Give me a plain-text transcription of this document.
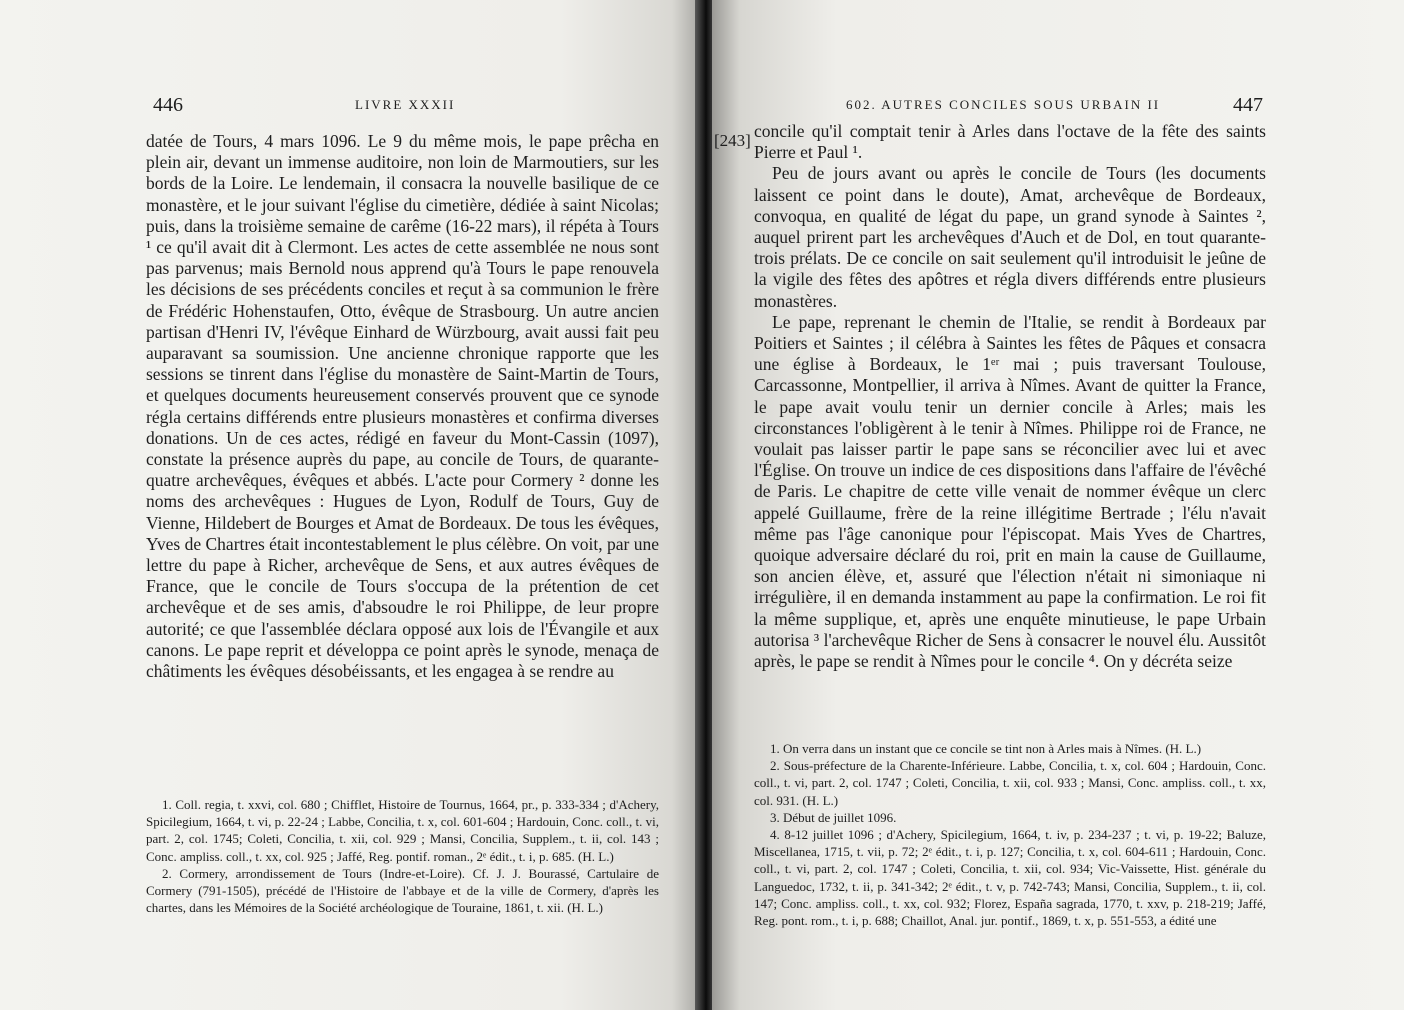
446	LIVRE XXXII

datée de Tours, 4 mars 1096. Le 9 du même mois, le pape prêcha en plein air, devant un immense auditoire, non loin de Marmoutiers, sur les bords de la Loire. Le lendemain, il consacra la nouvelle basilique de ce monastère, et le jour suivant l'église du cimetière, dédiée à saint Nicolas; puis, dans la troisième semaine de carême (16-22 mars), il répéta à Tours ¹ ce qu'il avait dit à Clermont. Les actes de cette assemblée ne nous sont pas parvenus; mais Bernold nous apprend qu'à Tours le pape renouvela les décisions de ses précédents conciles et reçut à sa communion le frère de Frédéric Hohenstaufen, Otto, évêque de Strasbourg. Un autre ancien partisan d'Henri IV, l'évêque Einhard de Würzbourg, avait aussi fait peu auparavant sa soumission. Une ancienne chronique rapporte que les sessions se tinrent dans l'église du monastère de Saint-Martin de Tours, et quelques documents heureusement conservés prouvent que ce synode régla certains différends entre plusieurs monastères et confirma diverses donations. Un de ces actes, rédigé en faveur du Mont-Cassin (1097), constate la présence auprès du pape, au concile de Tours, de quarante-quatre archevêques, évêques et abbés. L'acte pour Cormery ² donne les noms des archevêques : Hugues de Lyon, Rodulf de Tours, Guy de Vienne, Hildebert de Bourges et Amat de Bordeaux. De tous les évêques, Yves de Chartres était incontestablement le plus célèbre. On voit, par une lettre du pape à Richer, archevêque de Sens, et aux autres évêques de France, que le concile de Tours s'occupa de la prétention de cet archevêque et de ses amis, d'absoudre le roi Philippe, de leur propre autorité; ce que l'assemblée déclara opposé aux lois de l'Évangile et aux canons. Le pape reprit et développa ce point après le synode, menaça de châtiments les évêques désobéissants, et les engagea à se rendre au

1. Coll. regia, t. xxvi, col. 680 ; Chifflet, Histoire de Tournus, 1664, pr., p. 333-334 ; d'Achery, Spicilegium, 1664, t. vi, p. 22-24 ; Labbe, Concilia, t. x, col. 601-604 ; Hardouin, Conc. coll., t. vi, part. 2, col. 1745; Coleti, Concilia, t. xii, col. 929 ; Mansi, Concilia, Supplem., t. ii, col. 143 ; Conc. ampliss. coll., t. xx, col. 925 ; Jaffé, Reg. pontif. roman., 2ᵉ édit., t. i, p. 685. (H. L.)

2. Cormery, arrondissement de Tours (Indre-et-Loire). Cf. J. J. Bourassé, Cartulaire de Cormery (791-1505), précédé de l'Histoire de l'abbaye et de la ville de Cormery, d'après les chartes, dans les Mémoires de la Société archéologique de Touraine, 1861, t. xii. (H. L.)

602. AUTRES CONCILES SOUS URBAIN II	447
[243] concile qu'il comptait tenir à Arles dans l'octave de la fête des saints Pierre et Paul ¹.

Peu de jours avant ou après le concile de Tours (les documents laissent ce point dans le doute), Amat, archevêque de Bordeaux, convoqua, en qualité de légat du pape, un grand synode à Saintes ², auquel prirent part les archevêques d'Auch et de Dol, en tout quarante-trois prélats. De ce concile on sait seulement qu'il introduisit le jeûne de la vigile des fêtes des apôtres et régla divers différends entre plusieurs monastères.

Le pape, reprenant le chemin de l'Italie, se rendit à Bordeaux par Poitiers et Saintes ; il célébra à Saintes les fêtes de Pâques et consacra une église à Bordeaux, le 1ᵉʳ mai ; puis traversant Toulouse, Carcassonne, Montpellier, il arriva à Nîmes. Avant de quitter la France, le pape avait voulu tenir un dernier concile à Arles; mais les circonstances l'obligèrent à le tenir à Nîmes. Philippe roi de France, ne voulait pas laisser partir le pape sans se réconcilier avec lui et avec l'Église. On trouve un indice de ces dispositions dans l'affaire de l'évêché de Paris. Le chapitre de cette ville venait de nommer évêque un clerc appelé Guillaume, frère de la reine illégitime Bertrade ; l'élu n'avait même pas l'âge canonique pour l'épiscopat. Mais Yves de Chartres, quoique adversaire déclaré du roi, prit en main la cause de Guillaume, son ancien élève, et, assuré que l'élection n'était ni simoniaque ni irrégulière, il en demanda instamment au pape la confirmation. Le roi fit la même supplique, et, après une enquête minutieuse, le pape Urbain autorisa ³ l'archevêque Richer de Sens à consacrer le nouvel élu. Aussitôt après, le pape se rendit à Nîmes pour le concile ⁴. On y décréta seize

1. On verra dans un instant que ce concile se tint non à Arles mais à Nîmes. (H. L.)

2. Sous-préfecture de la Charente-Inférieure. Labbe, Concilia, t. x, col. 604 ; Hardouin, Conc. coll., t. vi, part. 2, col. 1747 ; Coleti, Concilia, t. xii, col. 933 ; Mansi, Conc. ampliss. coll., t. xx, col. 931. (H. L.)

3. Début de juillet 1096.

4. 8-12 juillet 1096 ; d'Achery, Spicilegium, 1664, t. iv, p. 234-237 ; t. vi, p. 19-22; Baluze, Miscellanea, 1715, t. vii, p. 72; 2ᵉ édit., t. i, p. 127; Concilia, t. x, col. 604-611 ; Hardouin, Conc. coll., t. vi, part. 2, col. 1747 ; Coleti, Concilia, t. xii, col. 934; Vic-Vaissette, Hist. générale du Languedoc, 1732, t. ii, p. 341-342; 2ᵉ édit., t. v, p. 742-743; Mansi, Concilia, Supplem., t. ii, col. 147; Conc. ampliss. coll., t. xx, col. 932; Florez, España sagrada, 1770, t. xxv, p. 218-219; Jaffé, Reg. pont. rom., t. i, p. 688; Chaillot, Anal. jur. pontif., 1869, t. x, p. 551-553, a édité une
